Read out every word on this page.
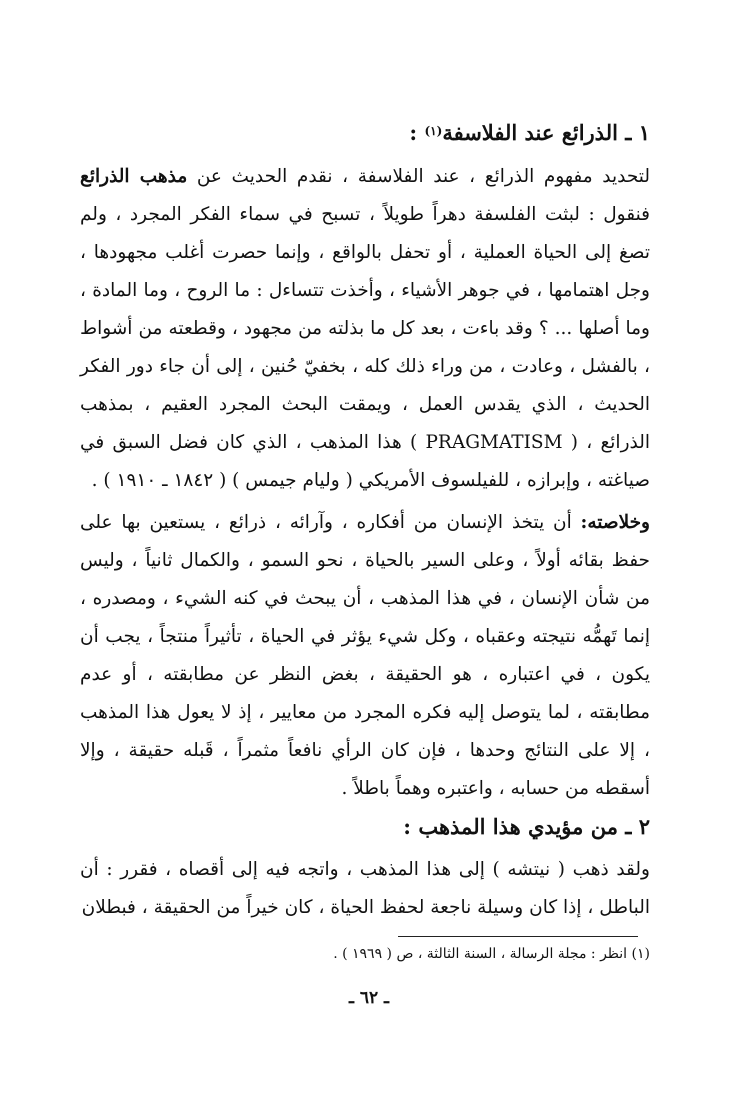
١ ـ الذرائع عند الفلاسفة$^{(١)}$ :
لتحديد مفهوم الذرائع ، عند الفلاسفة ، نقدم الحديث عن مذهب الذرائع فنقول : لبثت الفلسفة دهراً طويلاً ، تسبح في سماء الفكر المجرد ، ولم تصغ إلى الحياة العملية ، أو تحفل بالواقع ، وإنما حصرت أغلب مجهودها ، وجل اهتمامها ، في جوهر الأشياء ، وأخذت تتساءل : ما الروح ، وما المادة ، وما أصلها ... ؟ وقد باءت ، بعد كل ما بذلته من مجهود ، وقطعته من أشواط ، بالفشل ، وعادت ، من وراء ذلك كله ، بخفيّ حُنين ، إلى أن جاء دور الفكر الحديث ، الذي يقدس العمل ، ويمقت البحث المجرد العقيم ، بمذهب الذرائع ، ( PRAGMATISM ) هذا المذهب ، الذي كان فضل السبق في صياغته ، وإبرازه ، للفيلسوف الأمريكي ( وليام جيمس ) ( ١٨٤٢ ـ ١٩١٠ ) .
وخلاصته: أن يتخذ الإنسان من أفكاره ، وآرائه ، ذرائع ، يستعين بها على حفظ بقائه أولاً ، وعلى السير بالحياة ، نحو السمو ، والكمال ثانياً ، وليس من شأن الإنسان ، في هذا المذهب ، أن يبحث في كنه الشيء ، ومصدره ، إنما تَهمُّه نتيجته وعقباه ، وكل شيء يؤثر في الحياة ، تأثيراً منتجاً ، يجب أن يكون ، في اعتباره ، هو الحقيقة ، بغض النظر عن مطابقته ، أو عدم مطابقته ، لما يتوصل إليه فكره المجرد من معايير ، إذ لا يعول هذا المذهب ، إلا على النتائج وحدها ، فإن كان الرأي نافعاً مثمراً ، قَبله حقيقة ، وإلا أسقطه من حسابه ، واعتبره وهماً باطلاً .
٢ ـ من مؤيدي هذا المذهب :
ولقد ذهب ( نيتشه ) إلى هذا المذهب ، واتجه فيه إلى أقصاه ، فقرر : أن الباطل ، إذا كان وسيلة ناجعة لحفظ الحياة ، كان خيراً من الحقيقة ، فبطلان
(١) انظر : مجلة الرسالة ، السنة الثالثة ، ص ( ١٩٦٩ ) .
ـ ٦٢ ـ
